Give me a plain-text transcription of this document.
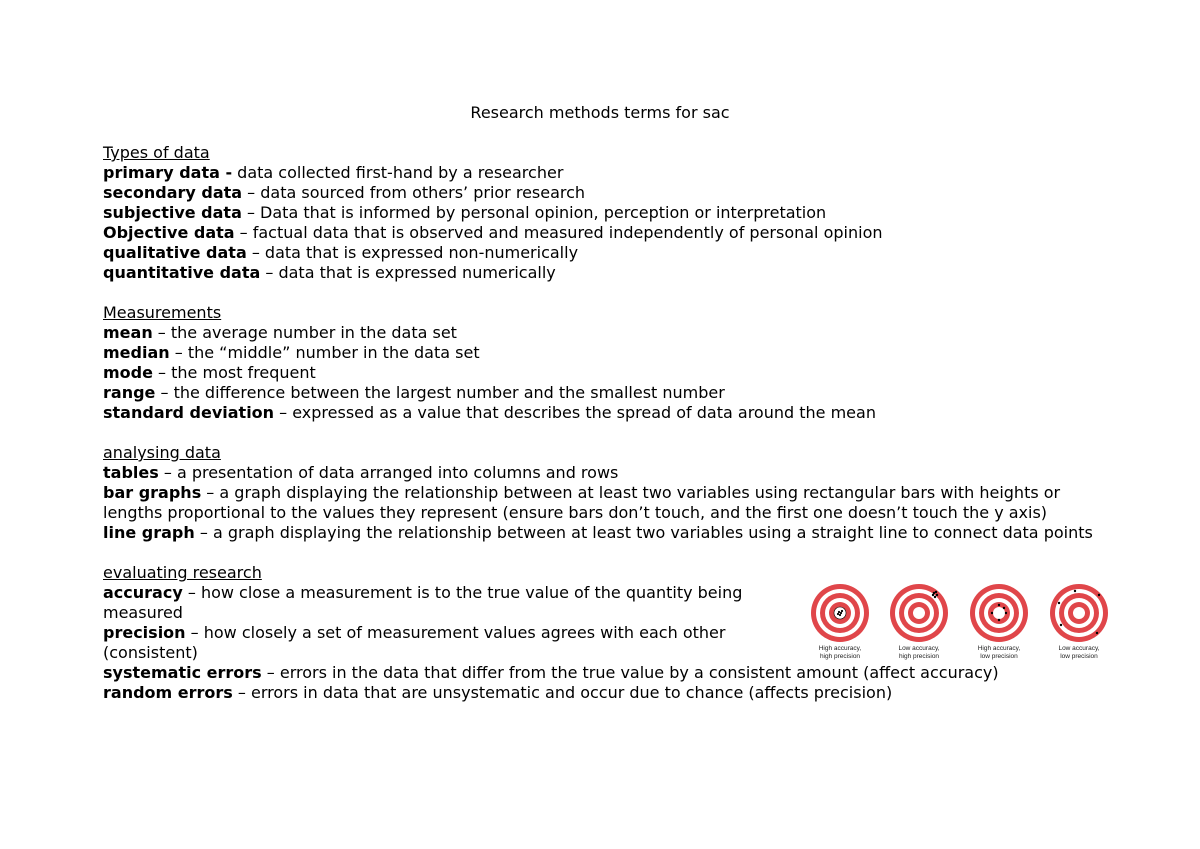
Research methods terms for sac
Types of data
primary data - data collected first-hand by a researcher
secondary data – data sourced from others’ prior research
subjective data – Data that is informed by personal opinion, perception or interpretation
Objective data – factual data that is observed and measured independently of personal opinion
qualitative data – data that is expressed non-numerically
quantitative data – data that is expressed numerically
Measurements
mean – the average number in the data set
median – the “middle” number in the data set
mode – the most frequent
range – the difference between the largest number and the smallest number
standard deviation – expressed as a value that describes the spread of data around the mean
analysing data
tables – a presentation of data arranged into columns and rows
bar graphs – a graph displaying the relationship between at least two variables using rectangular bars with heights or lengths proportional to the values they represent (ensure bars don’t touch, and the first one doesn’t touch the y axis)
line graph – a graph displaying the relationship between at least two variables using a straight line to connect data points
evaluating research
accuracy – how close a measurement is to the true value of the quantity being measured
precision – how closely a set of measurement values agrees with each other (consistent)
systematic errors – errors in the data that differ from the true value by a consistent amount (affect accuracy)
random errors – errors in data that are unsystematic and occur due to chance (affects precision)
High accuracy,
high precision
Low accuracy,
high precision
High accuracy,
low precision
Low accuracy,
low precision
